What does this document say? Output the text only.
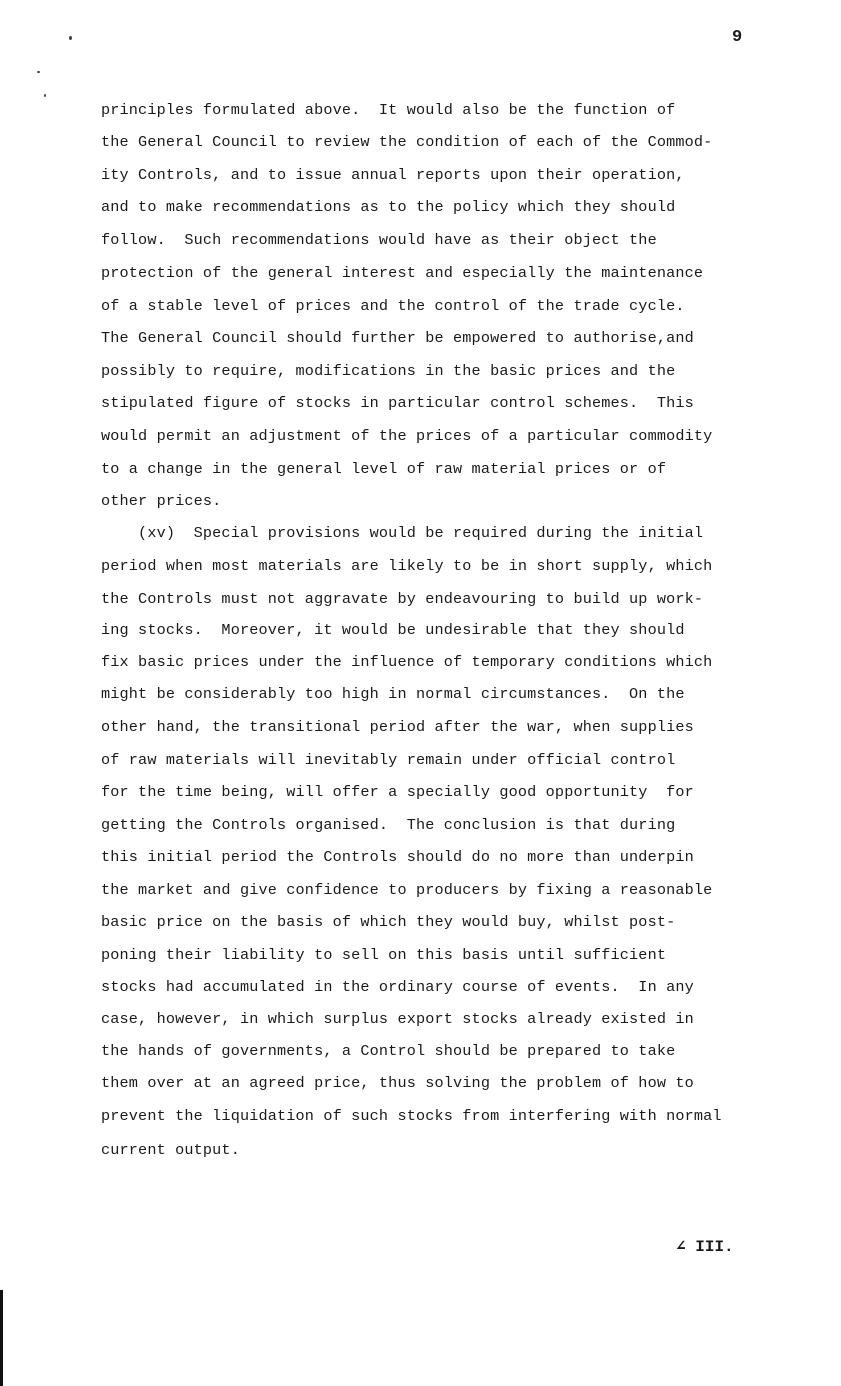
9
principles formulated above.  It would also be the function of
the General Council to review the condition of each of the Commod-
ity Controls, and to issue annual reports upon their operation,
and to make recommendations as to the policy which they should
follow.  Such recommendations would have as their object the
protection of the general interest and especially the maintenance
of a stable level of prices and the control of the trade cycle.
The General Council should further be empowered to authorise,and
possibly to require, modifications in the basic prices and the
stipulated figure of stocks in particular control schemes.  This
would permit an adjustment of the prices of a particular commodity
to a change in the general level of raw material prices or of
other prices.
(xv)  Special provisions would be required during the initial
period when most materials are likely to be in short supply, which
the Controls must not aggravate by endeavouring to build up work-
ing stocks.  Moreover, it would be undesirable that they should
fix basic prices under the influence of temporary conditions which
might be considerably too high in normal circumstances.  On the
other hand, the transitional period after the war, when supplies
of raw materials will inevitably remain under official control
for the time being, will offer a specially good opportunity  for
getting the Controls organised.  The conclusion is that during
this initial period the Controls should do no more than underpin
the market and give confidence to producers by fixing a reasonable
basic price on the basis of which they would buy, whilst post-
poning their liability to sell on this basis until sufficient
stocks had accumulated in the ordinary course of events.  In any
case, however, in which surplus export stocks already existed in
the hands of governments, a Control should be prepared to take
them over at an agreed price, thus solving the problem of how to
prevent the liquidation of such stocks from interfering with normal
current output.
∠ III.
